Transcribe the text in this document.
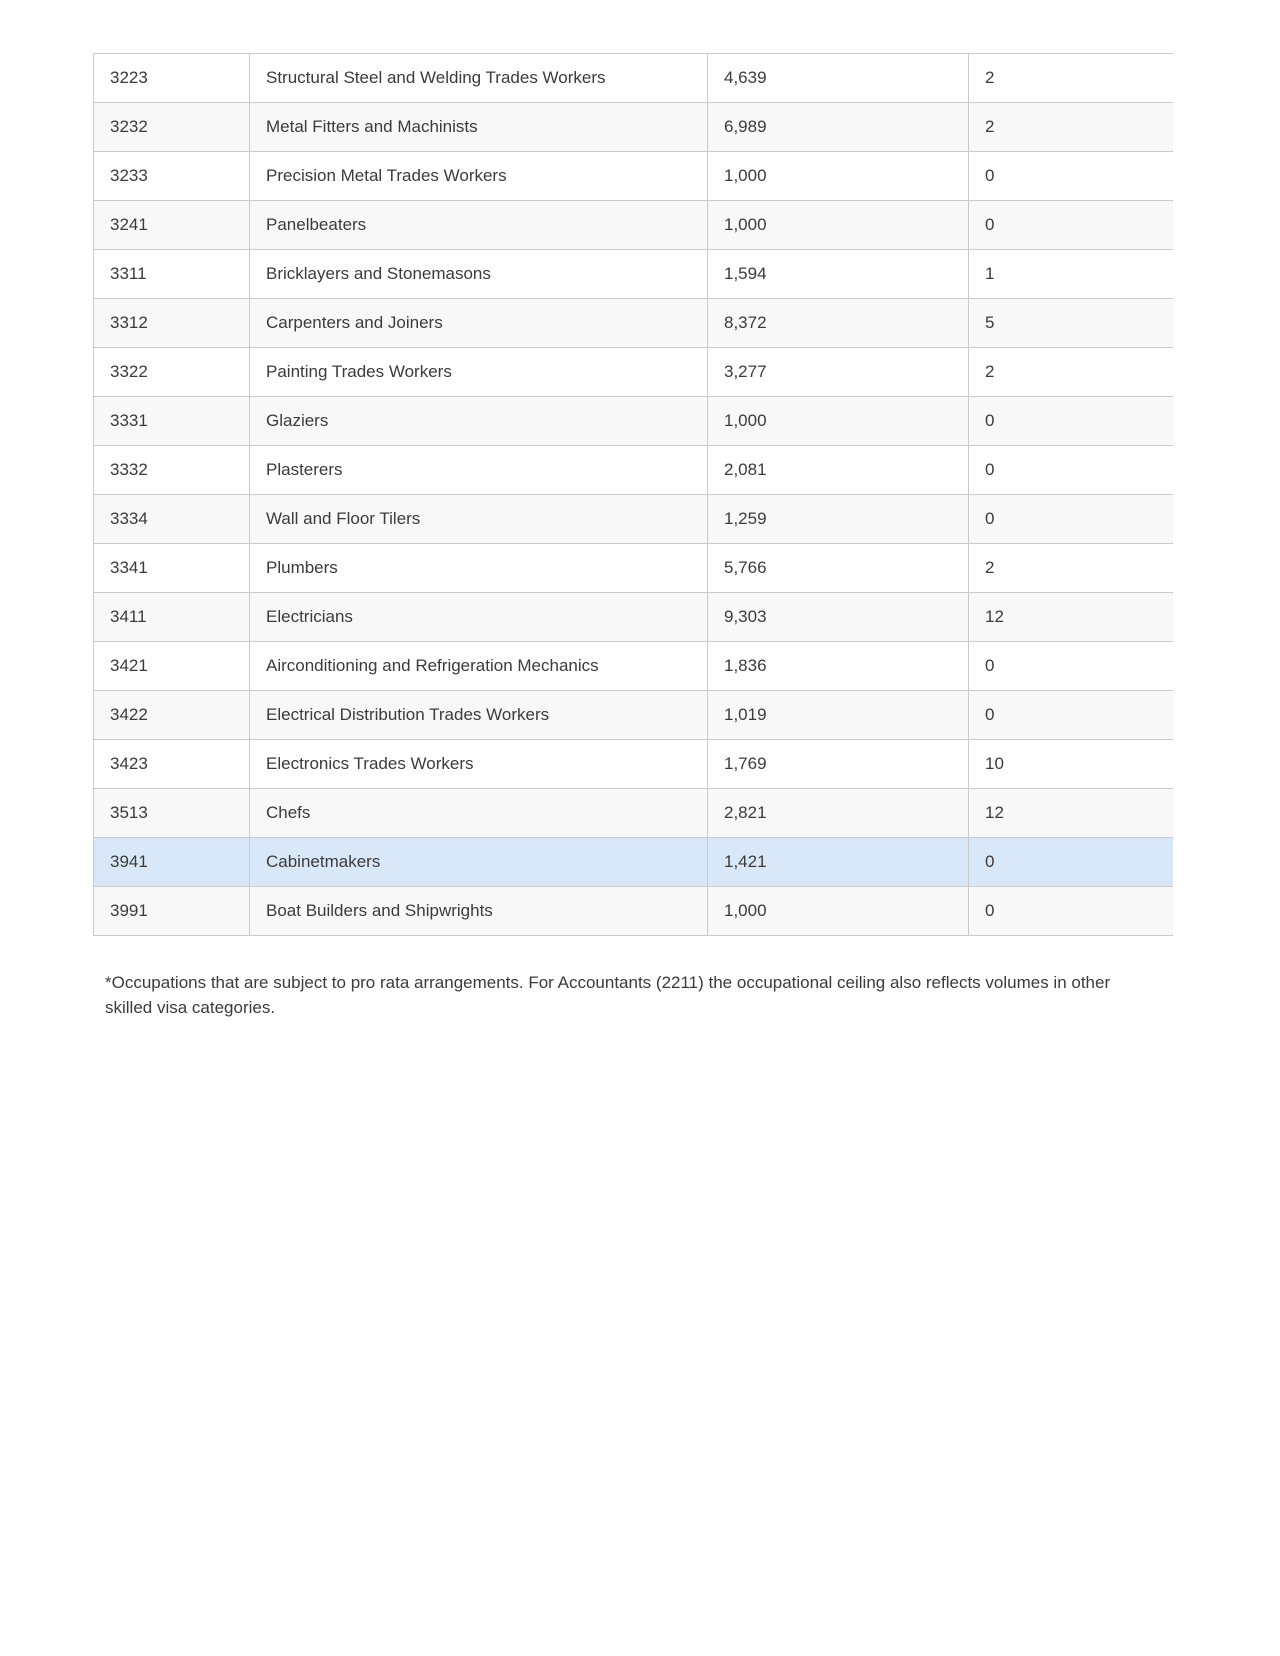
3223	Structural Steel and Welding Trades Workers	4,639	2
3232	Metal Fitters and Machinists	6,989	2
3233	Precision Metal Trades Workers	1,000	0
3241	Panelbeaters	1,000	0
3311	Bricklayers and Stonemasons	1,594	1
3312	Carpenters and Joiners	8,372	5
3322	Painting Trades Workers	3,277	2
3331	Glaziers	1,000	0
3332	Plasterers	2,081	0
3334	Wall and Floor Tilers	1,259	0
3341	Plumbers	5,766	2
3411	Electricians	9,303	12
3421	Airconditioning and Refrigeration Mechanics	1,836	0
3422	Electrical Distribution Trades Workers	1,019	0
3423	Electronics Trades Workers	1,769	10
3513	Chefs	2,821	12
3941	Cabinetmakers	1,421	0
3991	Boat Builders and Shipwrights	1,000	0

*Occupations that are subject to pro rata arrangements. For Accountants (2211) the occupational ceiling also reflects volumes in other skilled visa categories.
